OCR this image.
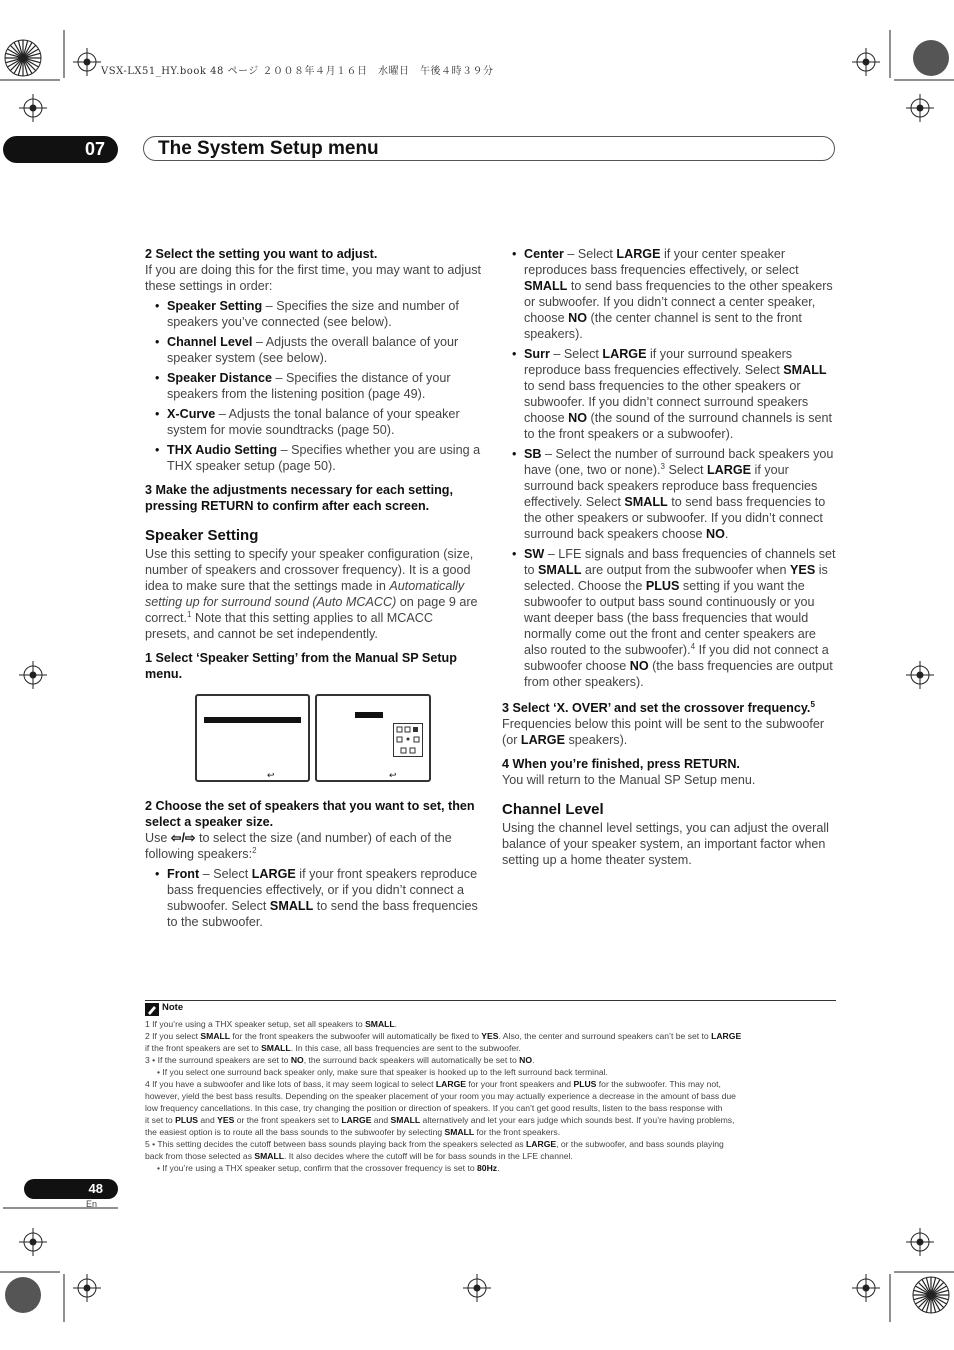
VSX-LX51_HY.book 48 ページ ２００８年４月１６日　水曜日　午後４時３９分
07	The System Setup menu

2 Select the setting you want to adjust.

If you are doing this for the first time, you may want to adjust these settings in order:

• Speaker Setting – Specifies the size and number of speakers you’ve connected (see below).

• Channel Level – Adjusts the overall balance of your speaker system (see below).

• Speaker Distance – Specifies the distance of your speakers from the listening position (page 49).

• X-Curve – Adjusts the tonal balance of your speaker system for movie soundtracks (page 50).

• THX Audio Setting – Specifies whether you are using a THX speaker setup (page 50).

3 Make the adjustments necessary for each setting, pressing RETURN to confirm after each screen.

Speaker Setting

Use this setting to specify your speaker configuration (size, number of speakers and crossover frequency). It is a good idea to make sure that the settings made in Automatically setting up for surround sound (Auto MCACC) on page 9 are correct.$^1$ Note that this setting applies to all MCACC presets, and cannot be set independently.

1 Select ‘Speaker Setting’ from the Manual SP Setup menu.

↩	↩

2 Choose the set of speakers that you want to set, then select a speaker size.

Use ⇦/⇨ to select the size (and number) of each of the following speakers:$^2$

• Front – Select LARGE if your front speakers reproduce bass frequencies effectively, or if you didn’t connect a subwoofer. Select SMALL to send the bass frequencies to the subwoofer.

• Center – Select LARGE if your center speaker reproduces bass frequencies effectively, or select SMALL to send bass frequencies to the other speakers or subwoofer. If you didn’t connect a center speaker, choose NO (the center channel is sent to the front speakers).

• Surr – Select LARGE if your surround speakers reproduce bass frequencies effectively. Select SMALL to send bass frequencies to the other speakers or subwoofer. If you didn’t connect surround speakers choose NO (the sound of the surround channels is sent to the front speakers or a subwoofer).

• SB – Select the number of surround back speakers you have (one, two or none).$^3$ Select LARGE if your surround back speakers reproduce bass frequencies effectively. Select SMALL to send bass frequencies to the other speakers or subwoofer. If you didn’t connect surround back speakers choose NO.

• SW – LFE signals and bass frequencies of channels set to SMALL are output from the subwoofer when YES is selected. Choose the PLUS setting if you want the subwoofer to output bass sound continuously or you want deeper bass (the bass frequencies that would normally come out the front and center speakers are also routed to the subwoofer).$^4$ If you did not connect a subwoofer choose NO (the bass frequencies are output from other speakers).

3 Select ‘X. OVER’ and set the crossover frequency.$^5$

Frequencies below this point will be sent to the subwoofer (or LARGE speakers).

4 When you’re finished, press RETURN.

You will return to the Manual SP Setup menu.

Channel Level

Using the channel level settings, you can adjust the overall balance of your speaker system, an important factor when setting up a home theater system.

Note
1 If you’re using a THX speaker setup, set all speakers to SMALL.
2 If you select SMALL for the front speakers the subwoofer will automatically be fixed to YES. Also, the center and surround speakers can’t be set to LARGE
if the front speakers are set to SMALL. In this case, all bass frequencies are sent to the subwoofer.
3 • If the surround speakers are set to NO, the surround back speakers will automatically be set to NO.
• If you select one surround back speaker only, make sure that speaker is hooked up to the left surround back terminal.
4 If you have a subwoofer and like lots of bass, it may seem logical to select LARGE for your front speakers and PLUS for the subwoofer. This may not,
however, yield the best bass results. Depending on the speaker placement of your room you may actually experience a decrease in the amount of bass due
low frequency cancellations. In this case, try changing the position or direction of speakers. If you can’t get good results, listen to the bass response with
it set to PLUS and YES or the front speakers set to LARGE and SMALL alternatively and let your ears judge which sounds best. If you’re having problems,
the easiest option is to route all the bass sounds to the subwoofer by selecting SMALL for the front speakers.
5 • This setting decides the cutoff between bass sounds playing back from the speakers selected as LARGE, or the subwoofer, and bass sounds playing
back from those selected as SMALL. It also decides where the cutoff will be for bass sounds in the LFE channel.
• If you’re using a THX speaker setup, confirm that the crossover frequency is set to 80Hz.
48
En
